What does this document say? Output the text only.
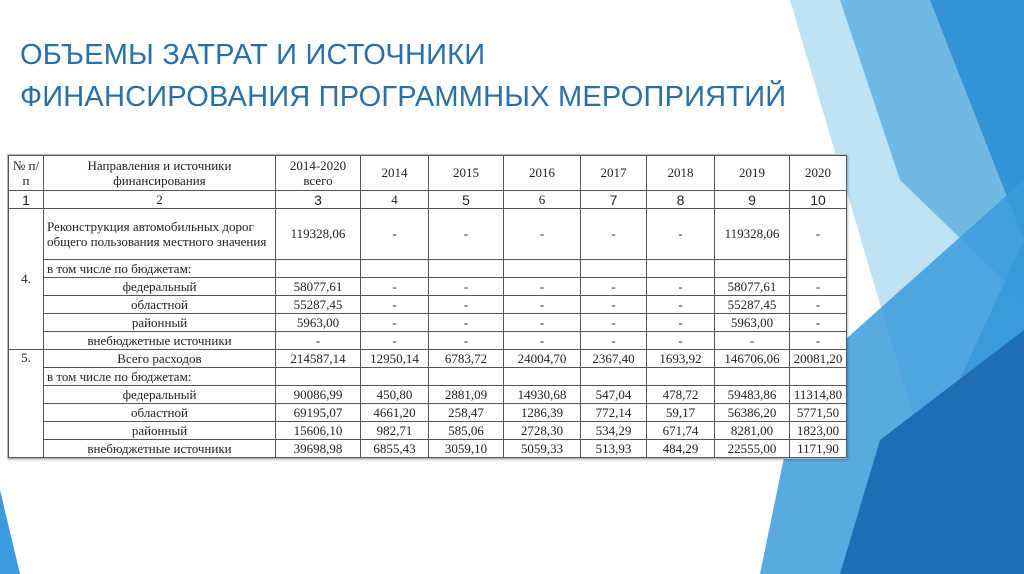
ОБЪЕМЫ ЗАТРАТ И ИСТОЧНИКИ
ФИНАНСИРОВАНИЯ ПРОГРАММНЫХ МЕРОПРИЯТИЙ
№ п/п	Направления и источники финансирования	2014-2020 всего	2014	2015	2016	2017	2018	2019	2020
1	2	3	4	5	6	7	8	9	10
4.	Реконструкция автомобильных дорог общего пользования местного значения	119328,06	-	-	-	-	-	119328,06	-
	в том числе по бюджетам:								
	федеральный	58077,61	-	-	-	-	-	58077,61	-
	областной	55287,45	-	-	-	-	-	55287,45	-
	районный	5963,00	-	-	-	-	-	5963,00	-
	внебюджетные источники	-	-	-	-	-	-	-	-
5.	Всего расходов	214587,14	12950,14	6783,72	24004,70	2367,40	1693,92	146706,06	20081,20
	в том числе по бюджетам:								
	федеральный	90086,99	450,80	2881,09	14930,68	547,04	478,72	59483,86	11314,80
	областной	69195,07	4661,20	258,47	1286,39	772,14	59,17	56386,20	5771,50
	районный	15606,10	982,71	585,06	2728,30	534,29	671,74	8281,00	1823,00
	внебюджетные источники	39698,98	6855,43	3059,10	5059,33	513,93	484,29	22555,00	1171,90
